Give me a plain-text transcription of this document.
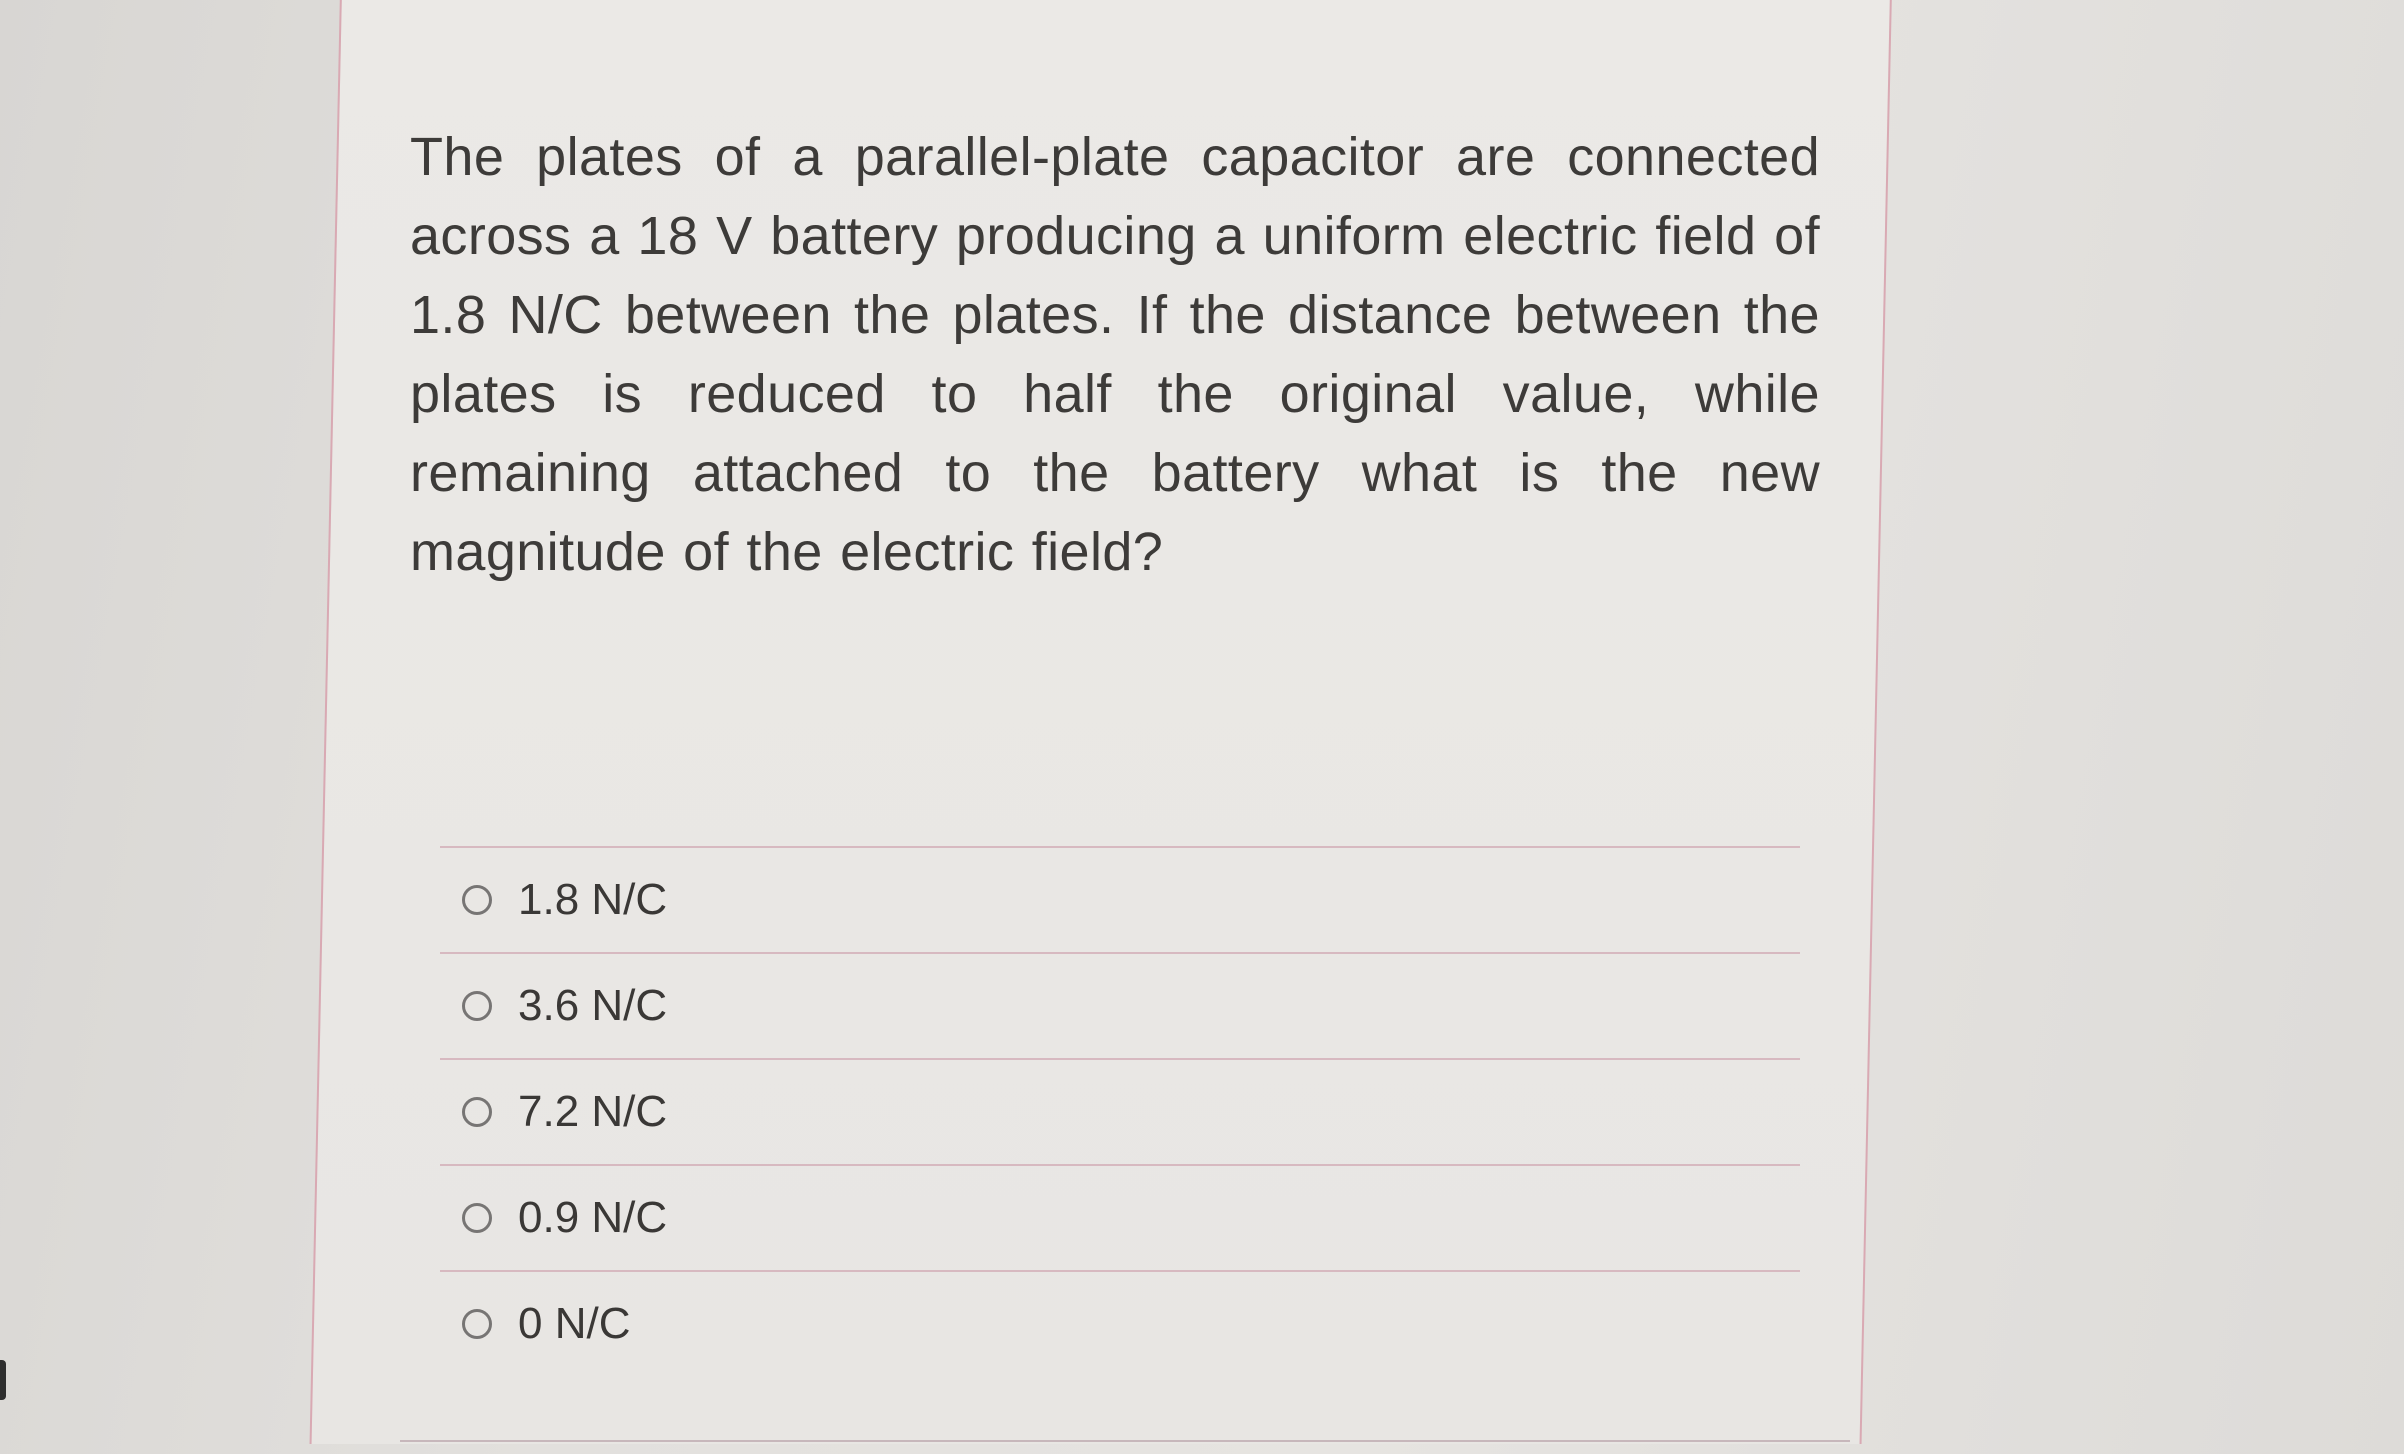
The plates of a parallel-plate capacitor are connected across a 18 V battery producing a uniform electric field of 1.8 N/C between the plates. If the distance between the plates is reduced to half the original value, while remaining attached to the battery what is the new magnitude of the electric field?
1.8 N/C
3.6 N/C
7.2 N/C
0.9 N/C
0 N/C
